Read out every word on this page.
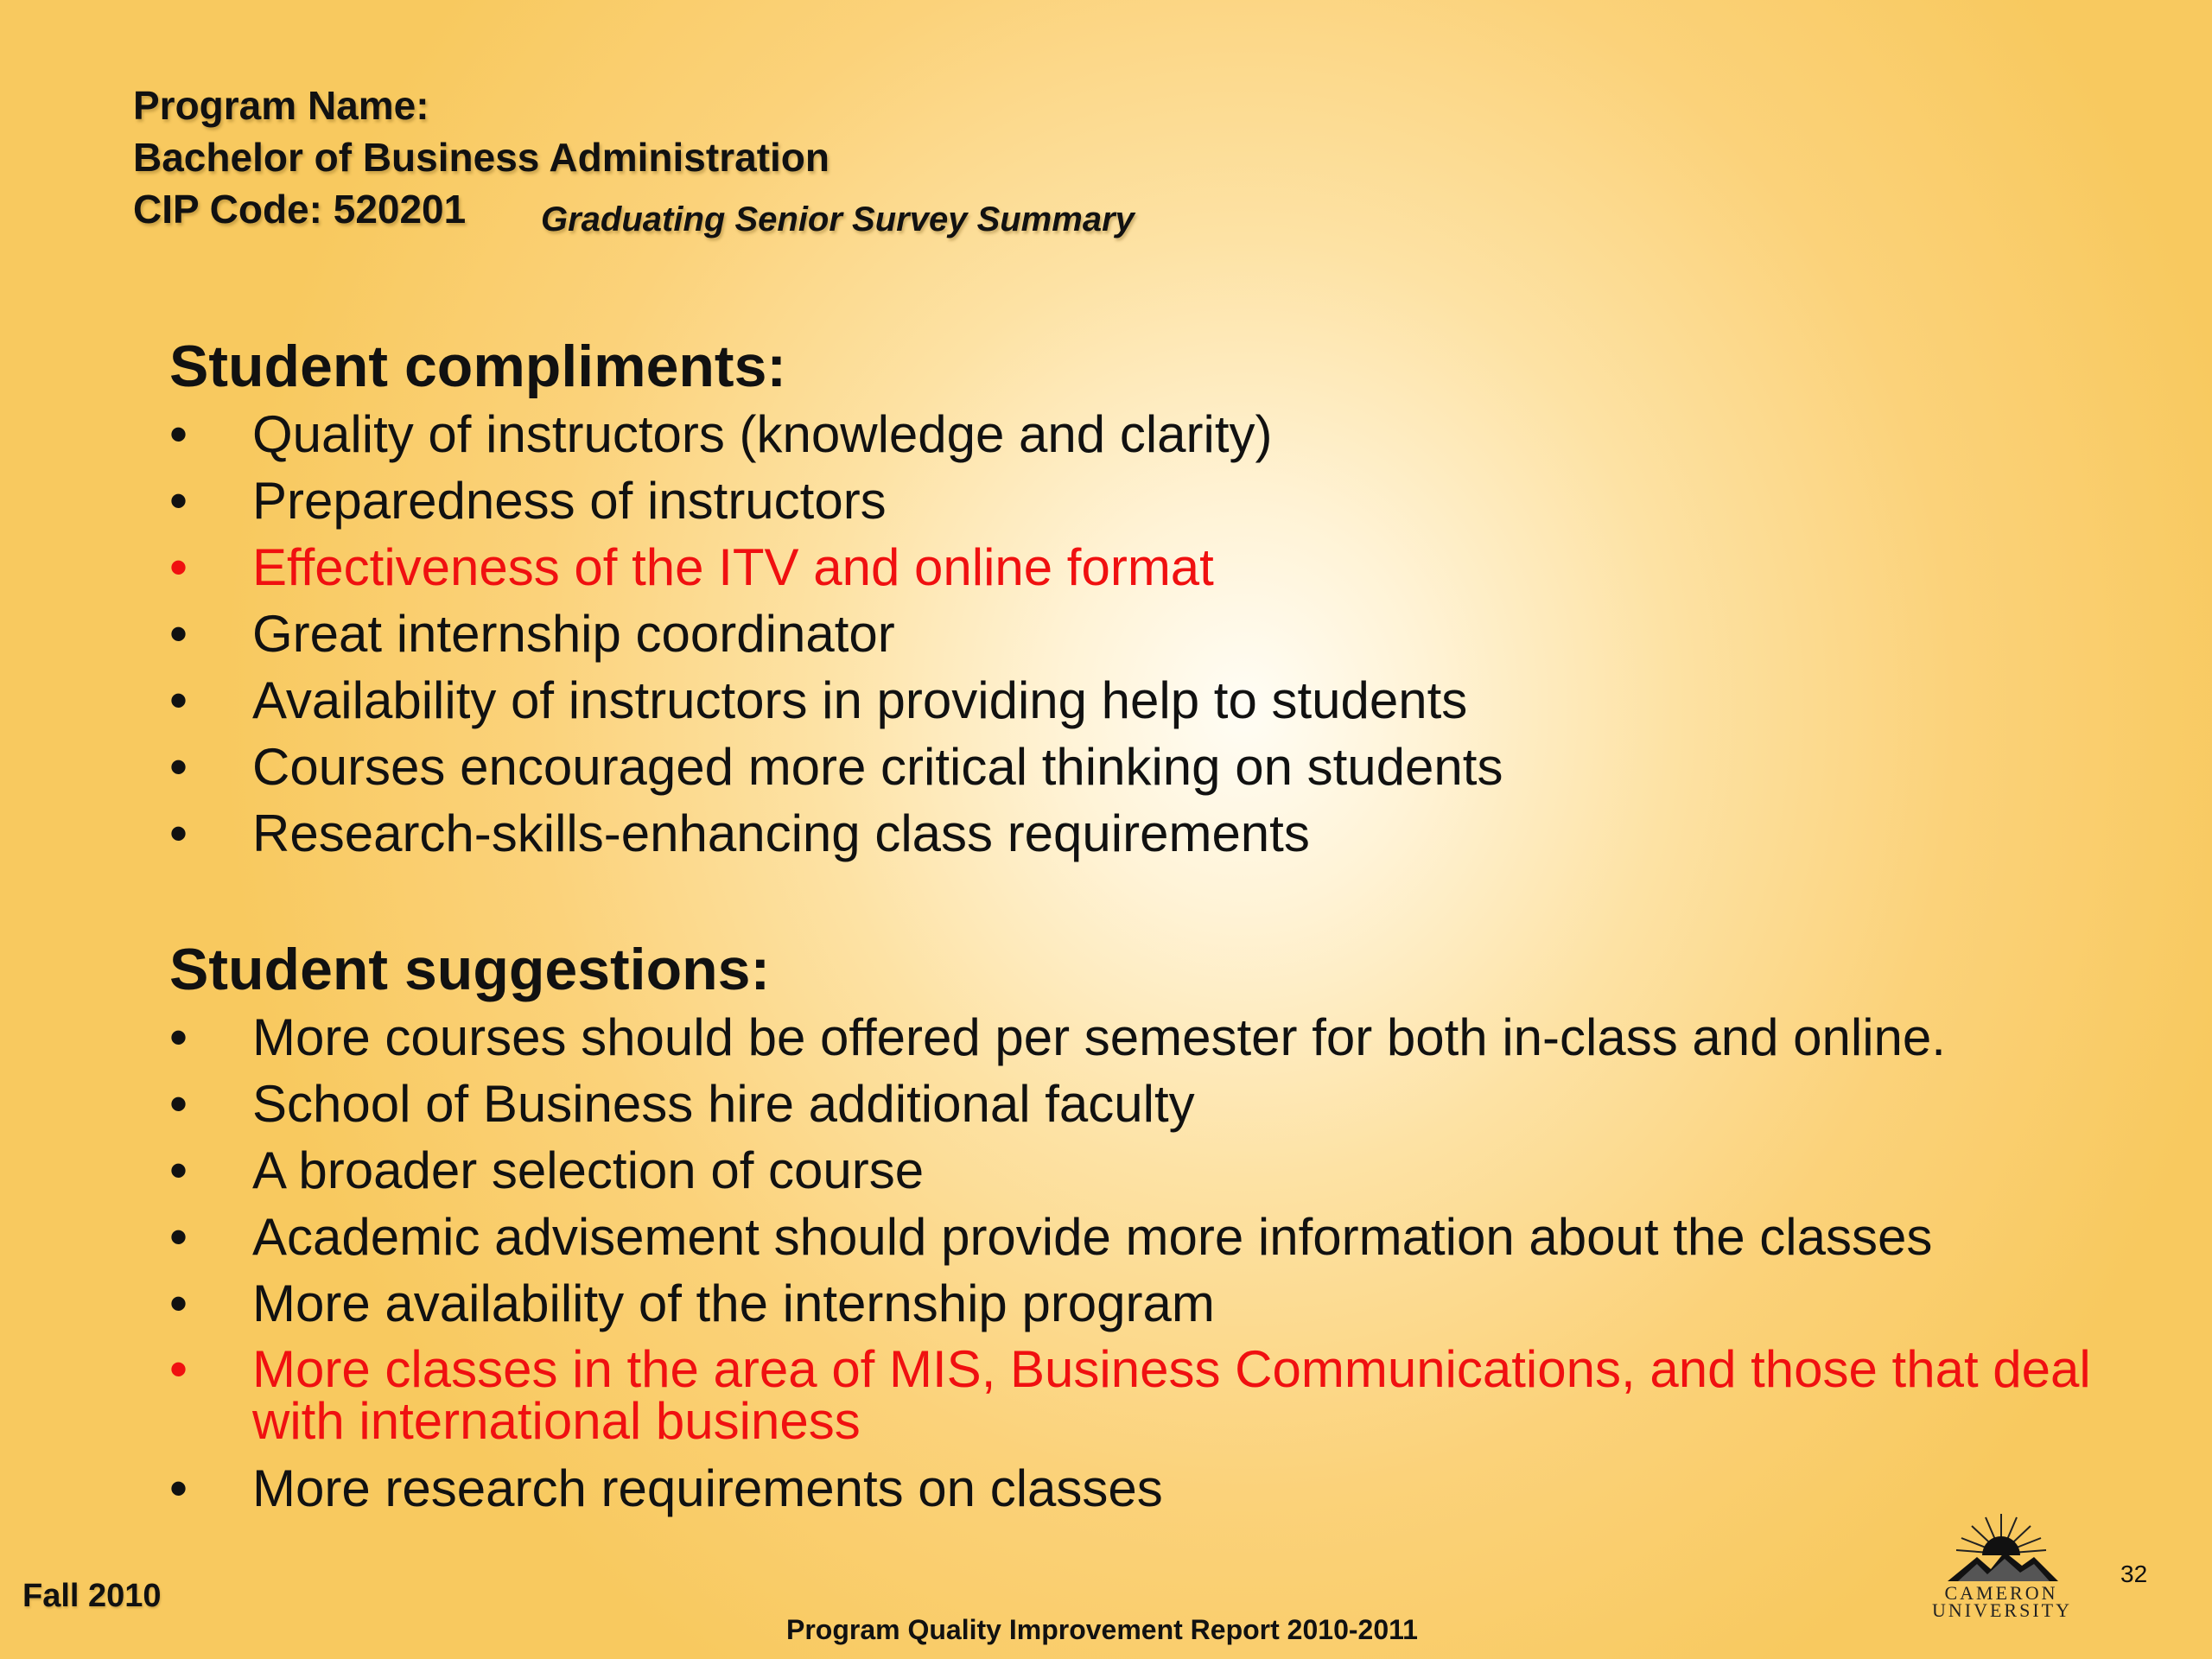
Program Name:
Bachelor of Business Administration
CIP Code: 520201	Graduating Senior Survey Summary
Student compliments:
• Quality of instructors (knowledge and clarity)
• Preparedness of instructors
• Effectiveness of the ITV and online format
• Great internship coordinator
• Availability of instructors in providing help to students
• Courses encouraged more critical thinking on students
• Research-skills-enhancing class requirements
Student suggestions:
• More courses should be offered per semester for both in-class and online.
• School of Business hire additional faculty
• A broader selection of course
• Academic advisement should provide more information about the classes
• More availability of the internship program
• More classes in the area of MIS, Business Communications, and those that deal with international business
• More research requirements on classes
Fall 2010
Program Quality Improvement Report 2010-2011
CAMERON
UNIVERSITY
32
